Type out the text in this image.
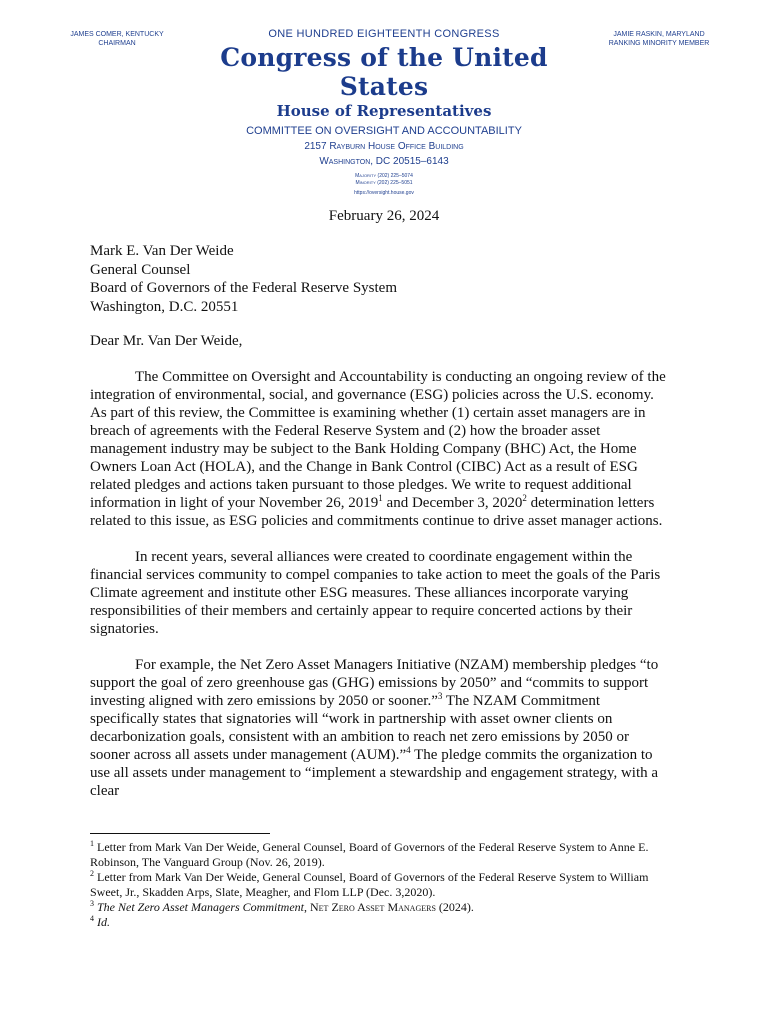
JAMES COMER, KENTUCKY
CHAIRMAN
JAMIE RASKIN, MARYLAND
RANKING MINORITY MEMBER
ONE HUNDRED EIGHTEENTH CONGRESS
Congress of the United States
House of Representatives
COMMITTEE ON OVERSIGHT AND ACCOUNTABILITY
2157 Rayburn House Office Building
Washington, DC 20515–6143
Majority (202) 225–5074
Minority (202) 225–5051
https://oversight.house.gov
February 26, 2024
Mark E. Van Der Weide
General Counsel
Board of Governors of the Federal Reserve System
Washington, D.C. 20551
Dear Mr. Van Der Weide,

The Committee on Oversight and Accountability is conducting an ongoing review of the integration of environmental, social, and governance (ESG) policies across the U.S. economy. As part of this review, the Committee is examining whether (1) certain asset managers are in breach of agreements with the Federal Reserve System and (2) how the broader asset management industry may be subject to the Bank Holding Company (BHC) Act, the Home Owners Loan Act (HOLA), and the Change in Bank Control (CIBC) Act as a result of ESG related pledges and actions taken pursuant to those pledges. We write to request additional information in light of your November 26, 2019$^1$ and December 3, 2020$^2$ determination letters related to this issue, as ESG policies and commitments continue to drive asset manager actions.

In recent years, several alliances were created to coordinate engagement within the financial services community to compel companies to take action to meet the goals of the Paris Climate agreement and institute other ESG measures. These alliances incorporate varying responsibilities of their members and certainly appear to require concerted actions by their signatories.

For example, the Net Zero Asset Managers Initiative (NZAM) membership pledges “to support the goal of zero greenhouse gas (GHG) emissions by 2050” and “commits to support investing aligned with zero emissions by 2050 or sooner.”$^3$ The NZAM Commitment specifically states that signatories will “work in partnership with asset owner clients on decarbonization goals, consistent with an ambition to reach net zero emissions by 2050 or sooner across all assets under management (AUM).”$^4$ The pledge commits the organization to use all assets under management to “implement a stewardship and engagement strategy, with a clear

$^1$ Letter from Mark Van Der Weide, General Counsel, Board of Governors of the Federal Reserve System to Anne E. Robinson, The Vanguard Group (Nov. 26, 2019).
$^2$ Letter from Mark Van Der Weide, General Counsel, Board of Governors of the Federal Reserve System to William Sweet, Jr., Skadden Arps, Slate, Meagher, and Flom LLP (Dec. 3,2020).
$^3$ The Net Zero Asset Managers Commitment, Net Zero Asset Managers (2024).
$^4$ Id.
